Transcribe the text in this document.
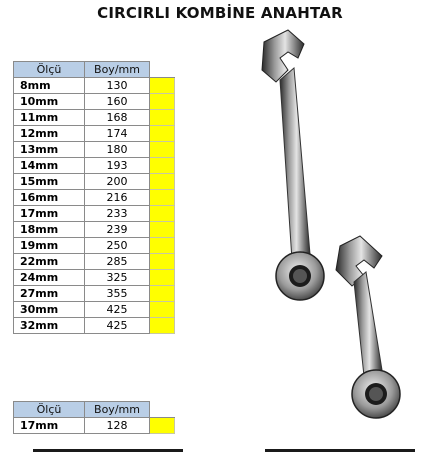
CIRCIRLI KOMBİNE ANAHTAR
Ölçü	Boy/mm	
8mm	130	
10mm	160	
11mm	168	
12mm	174	
13mm	180	
14mm	193	
15mm	200	
16mm	216	
17mm	233	
18mm	239	
19mm	250	
22mm	285	
24mm	325	
27mm	355	
30mm	425	
32mm	425	
Ölçü	Boy/mm	
17mm	128	
